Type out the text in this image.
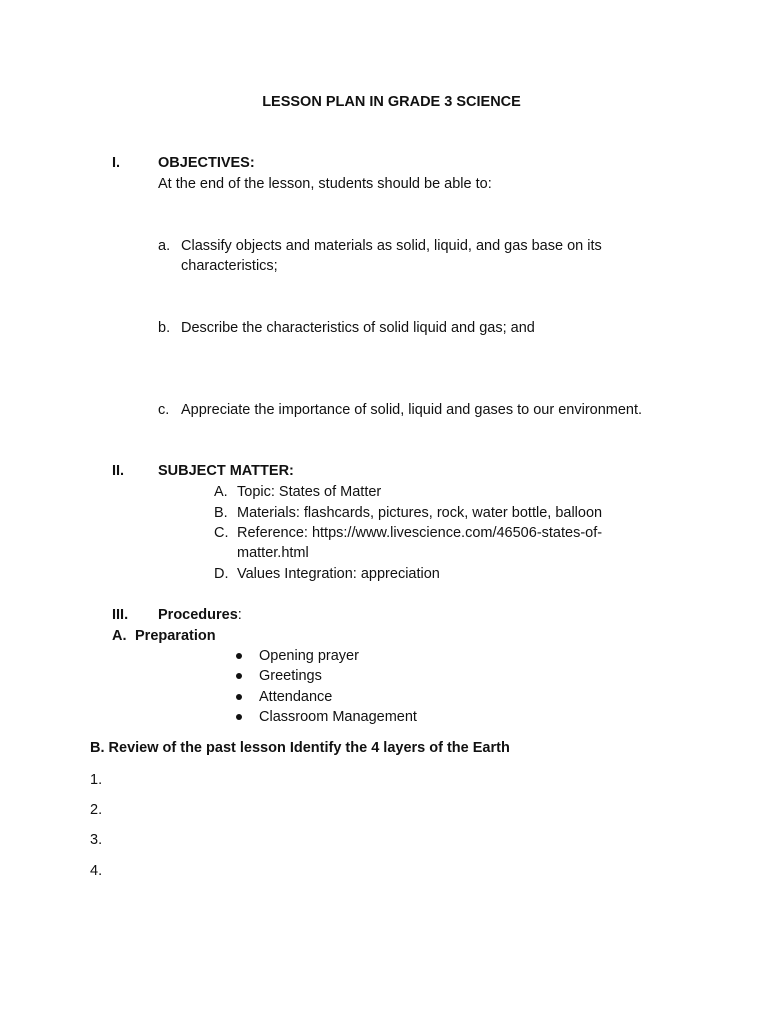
LESSON PLAN IN GRADE 3 SCIENCE
I.	OBJECTIVES:
At the end of the lesson, students should be able to:
a. Classify objects and materials as solid, liquid, and gas base on its
characteristics;
b. Describe the characteristics of solid liquid and gas; and
c. Appreciate the importance of solid, liquid and gases to our environment.
II. SUBJECT MATTER:
A. Topic: States of Matter
B. Materials: flashcards, pictures, rock, water bottle, balloon
C. Reference: https://www.livescience.com/46506-states-of-
matter.html
D. Values Integration: appreciation
III. Procedures:
A. Preparation
Opening prayer
Greetings
Attendance
Classroom Management
B. Review of the past lesson Identify the 4 layers of the Earth
1.
2.
3.
4.
